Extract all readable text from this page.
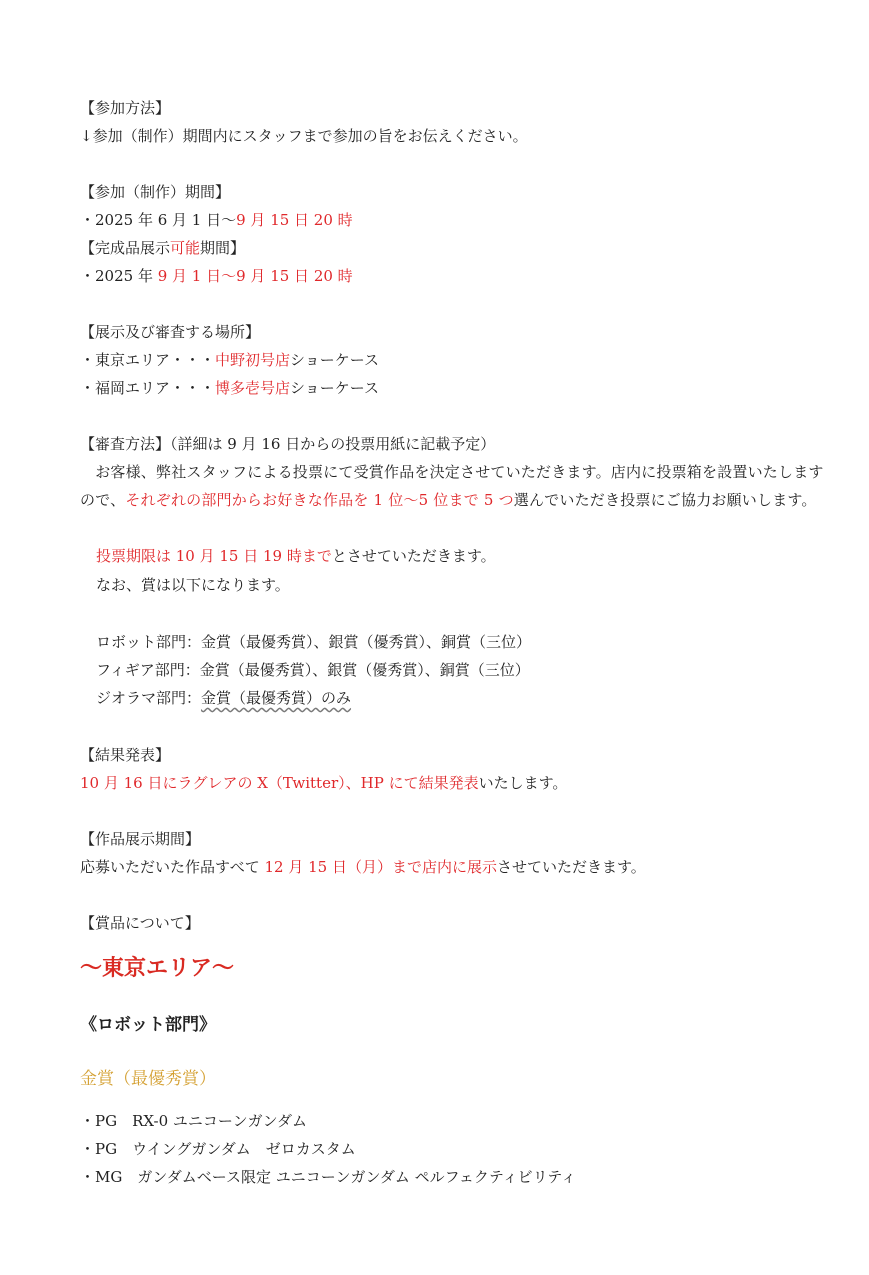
【参加方法】
↓参加（制作）期間内にスタッフまで参加の旨をお伝えください。
【参加（制作）期間】
・2025 年 6 月 1 日〜9 月 15 日 20 時
【完成品展示可能期間】
・2025 年 9 月 1 日〜9 月 15 日 20 時
【展示及び審査する場所】
・東京エリア・・・中野初号店ショーケース
・福岡エリア・・・博多壱号店ショーケース
【審査方法】（詳細は 9 月 16 日からの投票用紙に記載予定）
　お客様、弊社スタッフによる投票にて受賞作品を決定させていただきます。店内に投票箱を設置いたしますので、それぞれの部門からお好きな作品を 1 位〜5 位まで 5 つ選んでいただき投票にご協力お願いします。
投票期限は 10 月 15 日 19 時までとさせていただきます。
なお、賞は以下になります。
ロボット部門：金賞（最優秀賞）、銀賞（優秀賞）、銅賞（三位）
フィギア部門：金賞（最優秀賞）、銀賞（優秀賞）、銅賞（三位）
ジオラマ部門：金賞（最優秀賞）のみ
【結果発表】
10 月 16 日にラグレアの X（Twitter）、HP にて結果発表いたします。
【作品展示期間】
応募いただいた作品すべて 12 月 15 日（月）まで店内に展示させていただきます。
【賞品について】
〜東京エリア〜
《ロボット部門》
金賞（最優秀賞）
・PG　RX-0 ユニコーンガンダム
・PG　ウイングガンダム　ゼロカスタム
・MG　ガンダムベース限定 ユニコーンガンダム ペルフェクティビリティ
